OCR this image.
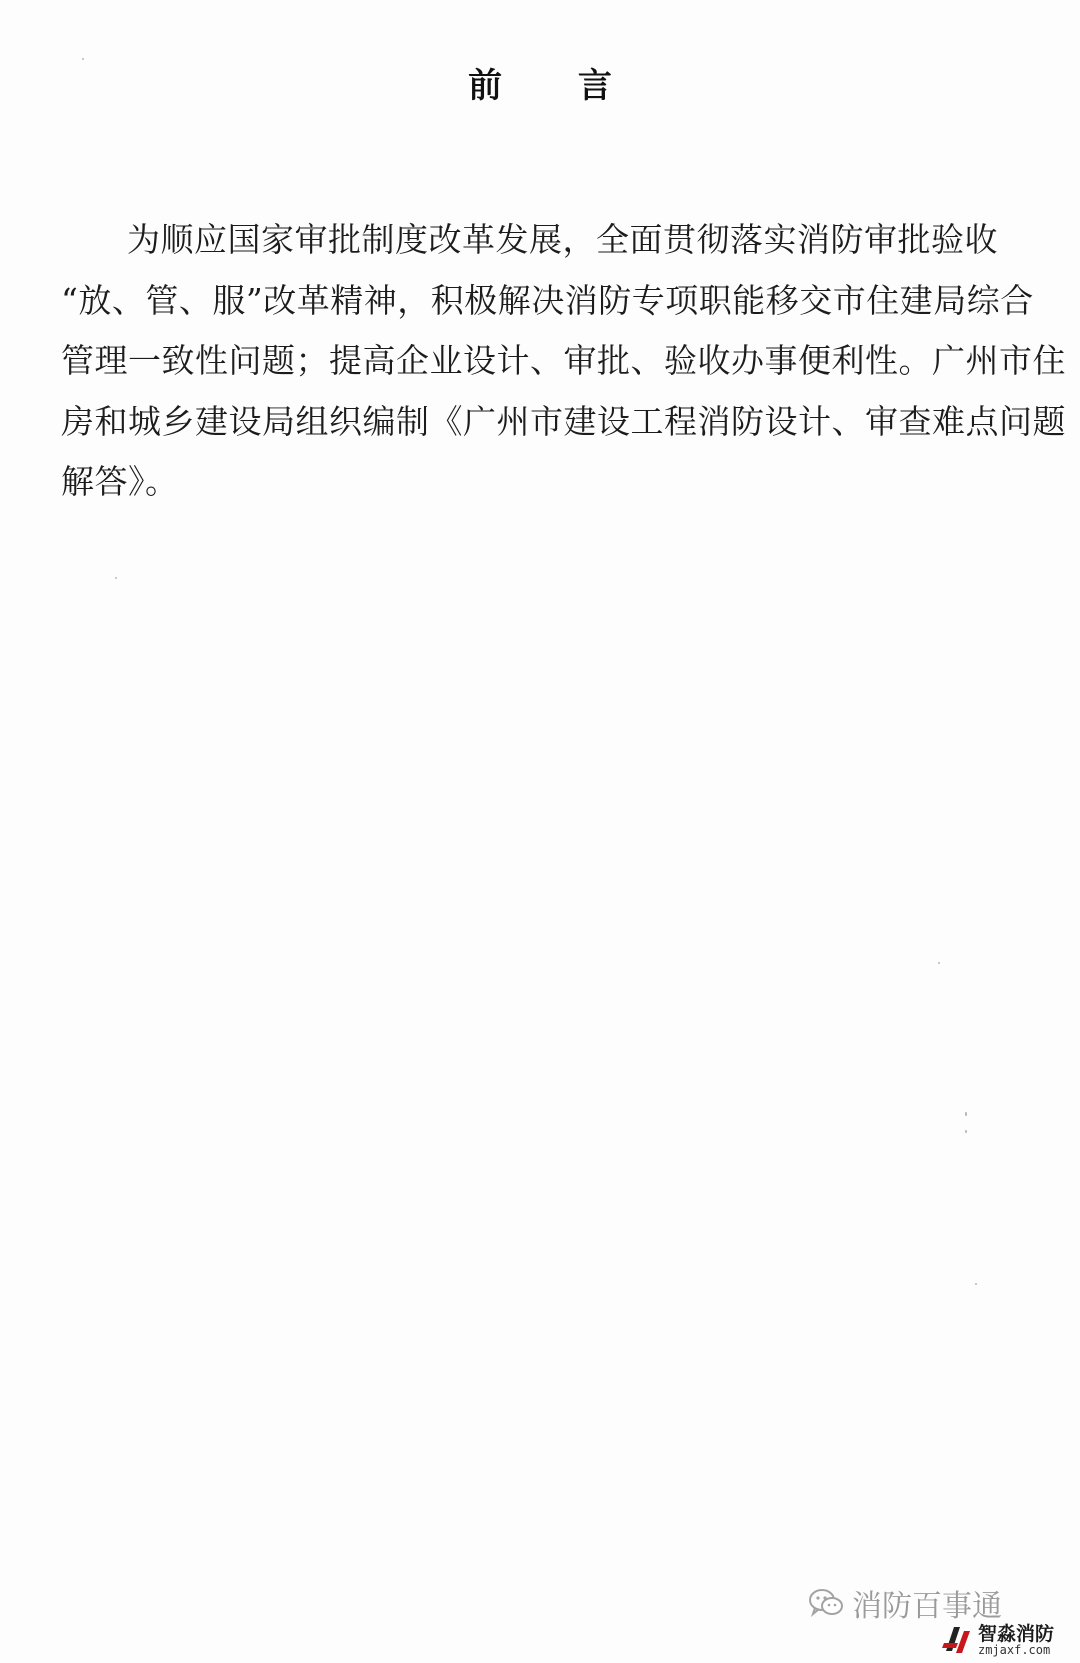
前 言
为顺应国家审批制度改革发展，全面贯彻落实消防审批验收
“放、管、服”改革精神，积极解决消防专项职能移交市住建局综合
管理一致性问题；提高企业设计、审批、验收办事便利性。广州市住
房和城乡建设局组织编制《广州市建设工程消防设计、审查难点问题
解答》。
消防百事通
智淼消防
zmjaxf.com
